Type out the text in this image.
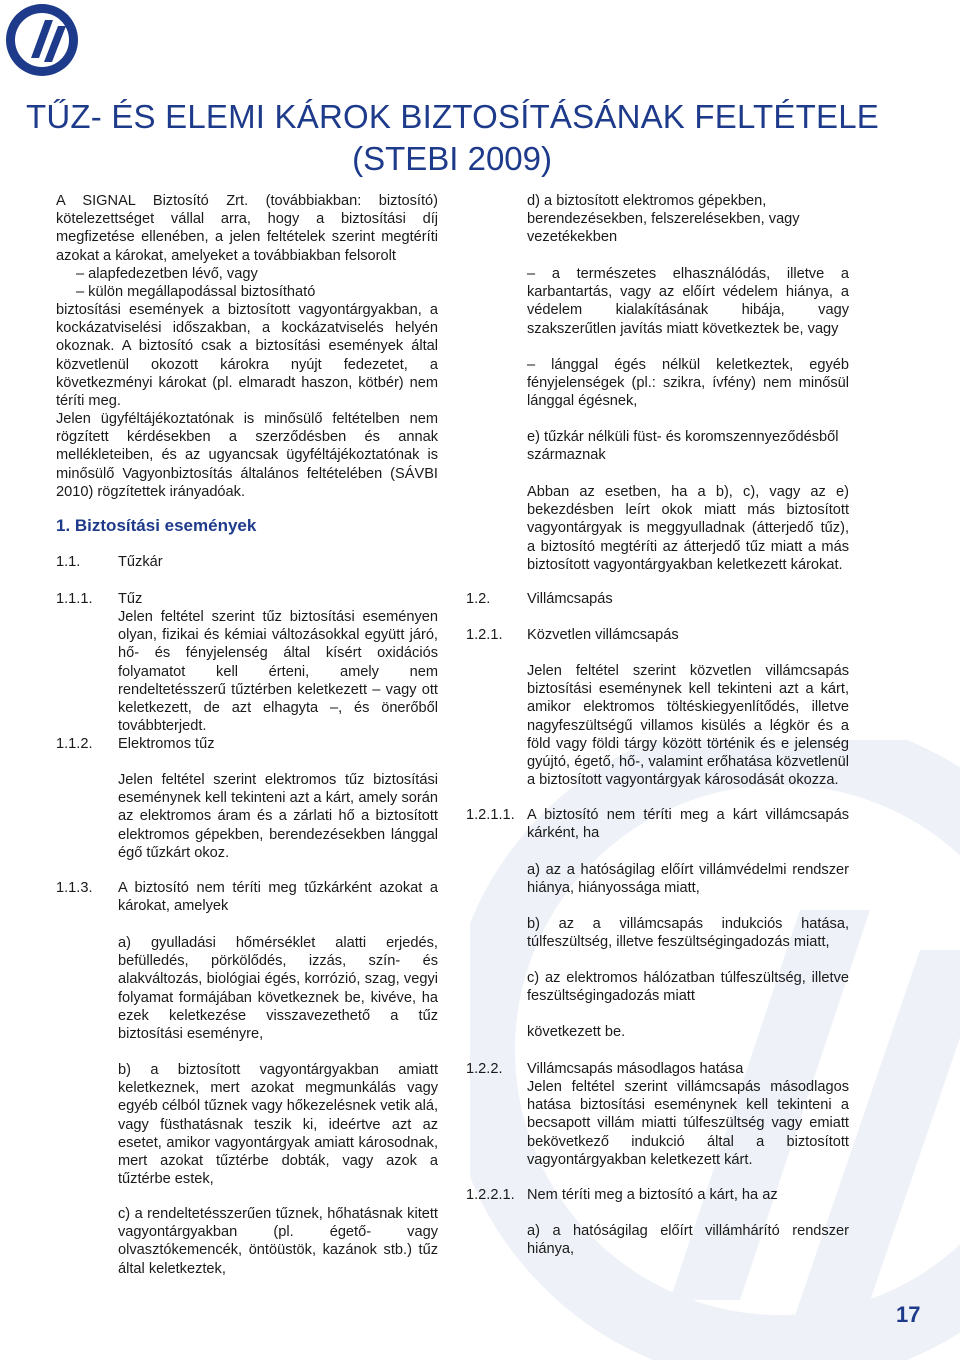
TŰZ- ÉS ELEMI KÁROK BIZTOSÍTÁSÁNAK FELTÉTELE
(STEBI 2009)

A SIGNAL Biztosító Zrt. (továbbiakban: biztosító) kötelezettséget vállal arra, hogy a biztosítási díj megfizetése ellenében, a jelen feltételek szerint megtéríti azokat a károkat, amelyeket a továbbiakban felsorolt

– alapfedezetben lévő, vagy

– külön megállapodással biztosítható

biztosítási események a biztosított vagyontárgyakban, a kockázatviselési időszakban, a kockázatviselés helyén okoznak. A biztosító csak a biztosítási események által közvetlenül okozott károkra nyújt fedezetet, a következményi károkat (pl. elmaradt haszon, kötbér) nem téríti meg.

Jelen ügyféltájékoztatónak is minősülő feltételben nem rögzített kérdésekben a szerződésben és annak mellékleteiben, és az ugyancsak ügyféltájékoztatónak is minősülő Vagyonbiztosítás általános feltételében (SÁVBI 2010) rögzítettek irányadóak.

1. Biztosítási események
1.1.	Tűzkár
1.1.1. Tűz

Jelen feltétel szerint tűz biztosítási eseményen olyan, fizikai és kémiai változásokkal együtt járó, hő- és fényjelenség által kísért oxidációs folyamatot kell érteni, amely nem rendeltetésszerű tűztérben keletkezett – vagy ott keletkezett, de azt elhagyta –, és önerőből továbbterjedt.

1.1.2. Elektromos tűz

Jelen feltétel szerint elektromos tűz biztosítási eseménynek kell tekinteni azt a kárt, amely során az elektromos áram és a zárlati hő a biztosított elektromos gépekben, berendezésekben lánggal égő tűzkárt okoz.

1.1.3. A biztosító nem téríti meg tűzkárként azokat a károkat, amelyek

a) gyulladási hőmérséklet alatti erjedés, befülledés, pörkölődés, izzás, szín- és alakváltozás, biológiai égés, korrózió, szag, vegyi folyamat formájában következnek be, kivéve, ha ezek keletkezése visszavezethető a tűz biztosítási eseményre,

b) a biztosított vagyontárgyakban amiatt keletkeznek, mert azokat megmunkálás vagy egyéb célból tűznek vagy hőkezelésnek vetik alá, vagy füsthatásnak teszik ki, ideértve azt az esetet, amikor vagyontárgyak amiatt károsodnak, mert azokat tűztérbe dobták, vagy azok a tűztérbe estek,

c) a rendeltetésszerűen tűznek, hőhatásnak kitett vagyontárgyakban (pl. égető- vagy olvasztókemencék, öntöüstök, kazánok stb.) tűz által keletkeztek,

d) a biztosított elektromos gépekben, berendezésekben, felszerelésekben, vagy vezetékekben

– a természetes elhasználódás, illetve a karbantartás, vagy az előírt védelem hiánya, a védelem kialakításának hibája, vagy szakszerűtlen javítás miatt következtek be, vagy

– lánggal égés nélkül keletkeztek, egyéb fényjelenségek (pl.: szikra, ívfény) nem minősül lánggal égésnek,

e) tűzkár nélküli füst- és koromszennyeződésből származnak

Abban az esetben, ha a b), c), vagy az e) bekezdésben leírt okok miatt más biztosított vagyontárgyak is meggyulladnak (átterjedő tűz), a biztosító megtéríti az átterjedő tűz miatt a más biztosított vagyontárgyakban keletkezett károkat.

1.2.	Villámcsapás
1.2.1. Közvetlen villámcsapás

Jelen feltétel szerint közvetlen villámcsapás biztosítási eseménynek kell tekinteni azt a kárt, amikor elektromos töltéskiegyenlítődés, illetve nagyfeszültségű villamos kisülés a légkör és a föld vagy földi tárgy között történik és e jelenség gyújtó, égető, hő-, valamint erőhatása közvetlenül a biztosított vagyontárgyak károsodását okozza.

1.2.1.1. A biztosító nem téríti meg a kárt villámcsapás kárként, ha

a) az a hatóságilag előírt villámvédelmi rendszer hiánya, hiányossága miatt,

b) az a villámcsapás indukciós hatása, túlfeszültség, illetve feszültségingadozás miatt,

c) az elektromos hálózatban túlfeszültség, illetve feszültségingadozás miatt

következett be.

1.2.2. Villámcsapás másodlagos hatása

Jelen feltétel szerint villámcsapás másodlagos hatása biztosítási eseménynek kell tekinteni a becsapott villám miatti túlfeszültség vagy emiatt bekövetkező indukció által a biztosított vagyontárgyakban keletkezett kárt.

1.2.2.1. Nem téríti meg a biztosító a kárt, ha az

a) a hatóságilag előírt villámhárító rendszer hiánya,

17
